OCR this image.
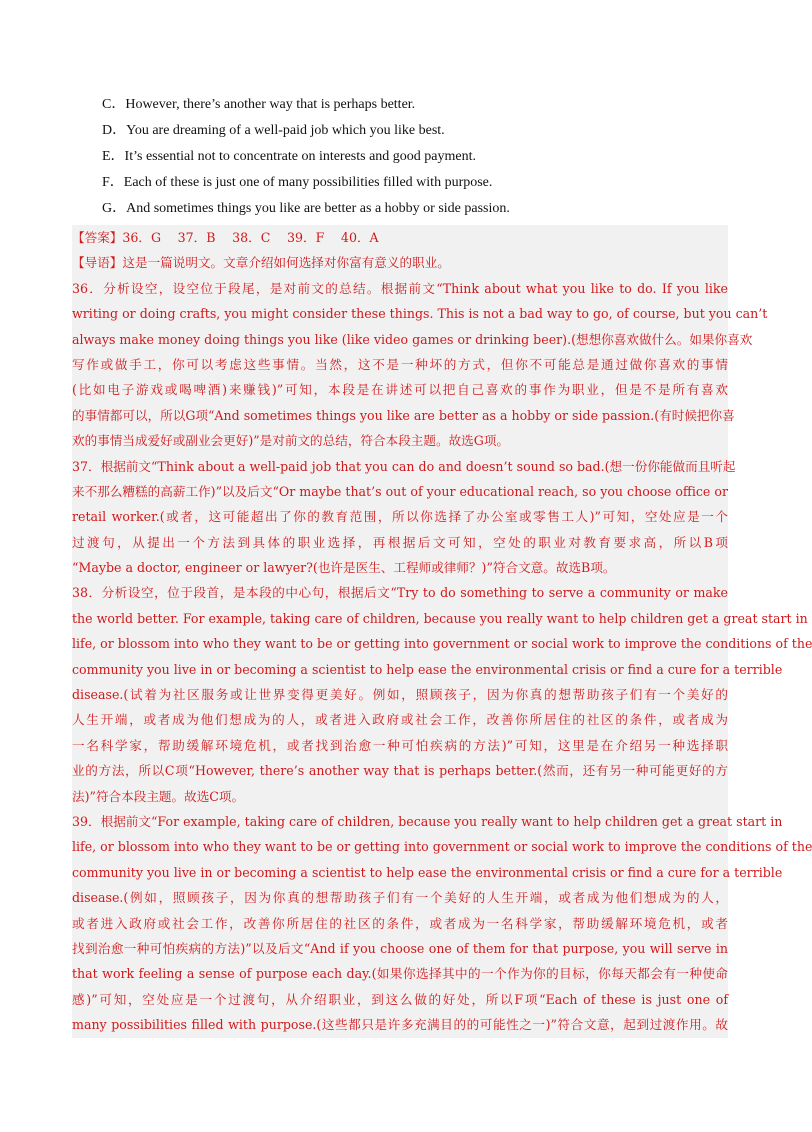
C．However, there’s another way that is perhaps better.
D．You are dreaming of a well-paid job which you like best.
E．It’s essential not to concentrate on interests and good payment.
F．Each of these is just one of many possibilities filled with purpose.
G．And sometimes things you like are better as a hobby or side passion.
【答案】36．G　 37．B　 38．C　 39．F　 40．A
【导语】这是一篇说明文。文章介绍如何选择对你富有意义的职业。
36．分析设空，设空位于段尾，是对前文的总结。根据前文“Think about what you like to do. If you like
writing or doing crafts, you might consider these things. This is not a bad way to go, of course, but you can’t
always make money doing things you like (like video games or drinking beer).(想想你喜欢做什么。如果你喜欢
写作或做手工，你可以考虑这些事情。当然，这不是一种坏的方式，但你不可能总是通过做你喜欢的事情
(比如电子游戏或喝啤酒)来赚钱)”可知，本段是在讲述可以把自己喜欢的事作为职业，但是不是所有喜欢
的事情都可以，所以G项“And sometimes things you like are better as a hobby or side passion.(有时候把你喜
欢的事情当成爱好或副业会更好)”是对前文的总结，符合本段主题。故选G项。
37．根据前文“Think about a well-paid job that you can do and doesn’t sound so bad.(想一份你能做而且听起
来不那么糟糕的高薪工作)”以及后文“Or maybe that’s out of your educational reach, so you choose office or
retail worker.(或者，这可能超出了你的教育范围，所以你选择了办公室或零售工人)”可知，空处应是一个
过渡句，从提出一个方法到具体的职业选择，再根据后文可知，空处的职业对教育要求高，所以B项
“Maybe a doctor, engineer or lawyer?(也许是医生、工程师或律师？)”符合文意。故选B项。
38．分析设空，位于段首，是本段的中心句，根据后文“Try to do something to serve a community or make
the world better. For example, taking care of children, because you really want to help children get a great start in
life, or blossom into who they want to be or getting into government or social work to improve the conditions of the
community you live in or becoming a scientist to help ease the environmental crisis or find a cure for a terrible
disease.(试着为社区服务或让世界变得更美好。例如，照顾孩子，因为你真的想帮助孩子们有一个美好的
人生开端，或者成为他们想成为的人，或者进入政府或社会工作，改善你所居住的社区的条件，或者成为
一名科学家，帮助缓解环境危机，或者找到治愈一种可怕疾病的方法)”可知，这里是在介绍另一种选择职
业的方法，所以C项“However, there’s another way that is perhaps better.(然而，还有另一种可能更好的方
法)”符合本段主题。故选C项。
39．根据前文“For example, taking care of children, because you really want to help children get a great start in
life, or blossom into who they want to be or getting into government or social work to improve the conditions of the
community you live in or becoming a scientist to help ease the environmental crisis or find a cure for a terrible
disease.(例如，照顾孩子，因为你真的想帮助孩子们有一个美好的人生开端，或者成为他们想成为的人，
或者进入政府或社会工作，改善你所居住的社区的条件，或者成为一名科学家，帮助缓解环境危机，或者
找到治愈一种可怕疾病的方法)”以及后文“And if you choose one of them for that purpose, you will serve in
that work feeling a sense of purpose each day.(如果你选择其中的一个作为你的目标，你每天都会有一种使命
感)”可知，空处应是一个过渡句，从介绍职业，到这么做的好处，所以F项“Each of these is just one of
many possibilities filled with purpose.(这些都只是许多充满目的的可能性之一)”符合文意，起到过渡作用。故
